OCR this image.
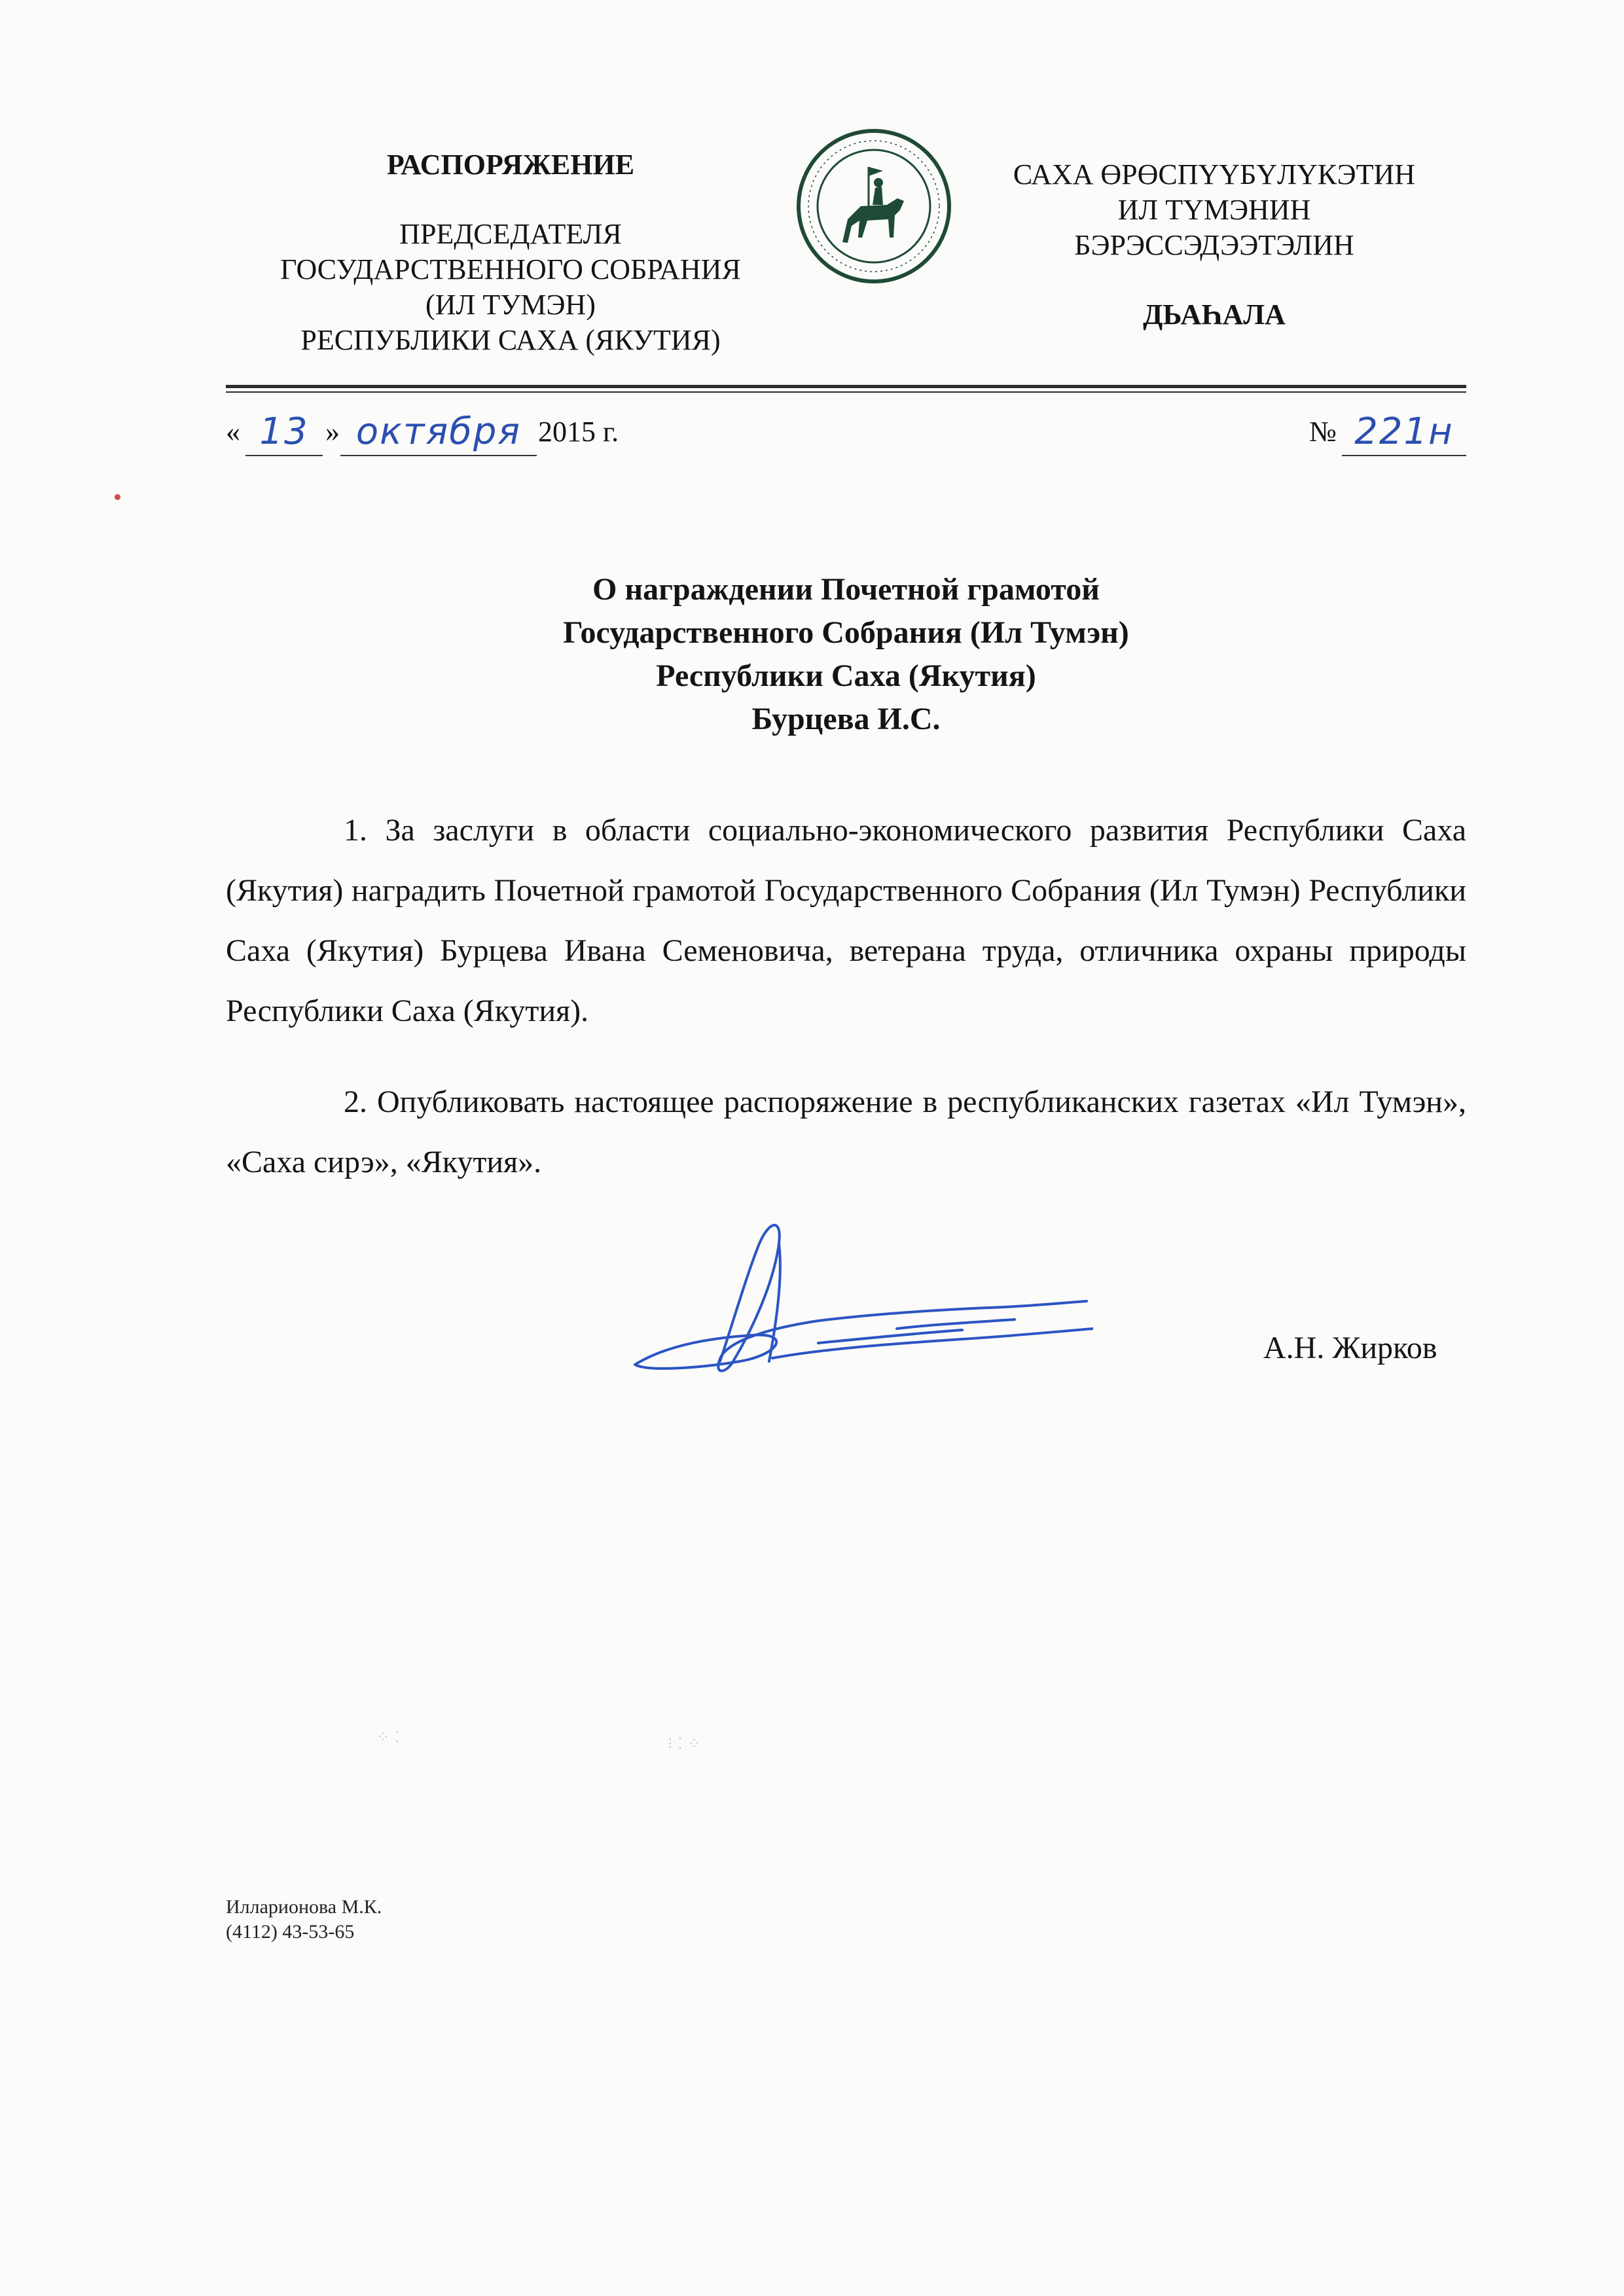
РАСПОРЯЖЕНИЕ
ПРЕДСЕДАТЕЛЯ
ГОСУДАРСТВЕННОГО СОБРАНИЯ
(ИЛ ТУМЭН)
РЕСПУБЛИКИ САХА (ЯКУТИЯ)
САХА ӨРӨСПҮҮБҮЛҮКЭТИН
ИЛ ТҮМЭНИН
БЭРЭССЭДЭЭТЭЛИН
ДЬАҺАЛА
« 13 » октября 2015 г.	№ 221н
О награждении Почетной грамотой
Государственного Собрания (Ил Тумэн)
Республики Саха (Якутия)
Бурцева И.С.

1. За заслуги в области социально-экономического развития Республики Саха (Якутия) наградить Почетной грамотой Государственного Собрания (Ил Тумэн) Республики Саха (Якутия) Бурцева Ивана Семеновича, ветерана труда, отличника охраны природы Республики Саха (Якутия).

2. Опубликовать настоящее распоряжение в республиканских газетах «Ил Тумэн», «Саха сирэ», «Якутия».

А.Н. Жирков
⁘ ⁚	⁝ ⁚ ⁘
Илларионова М.К.
(4112) 43-53-65
